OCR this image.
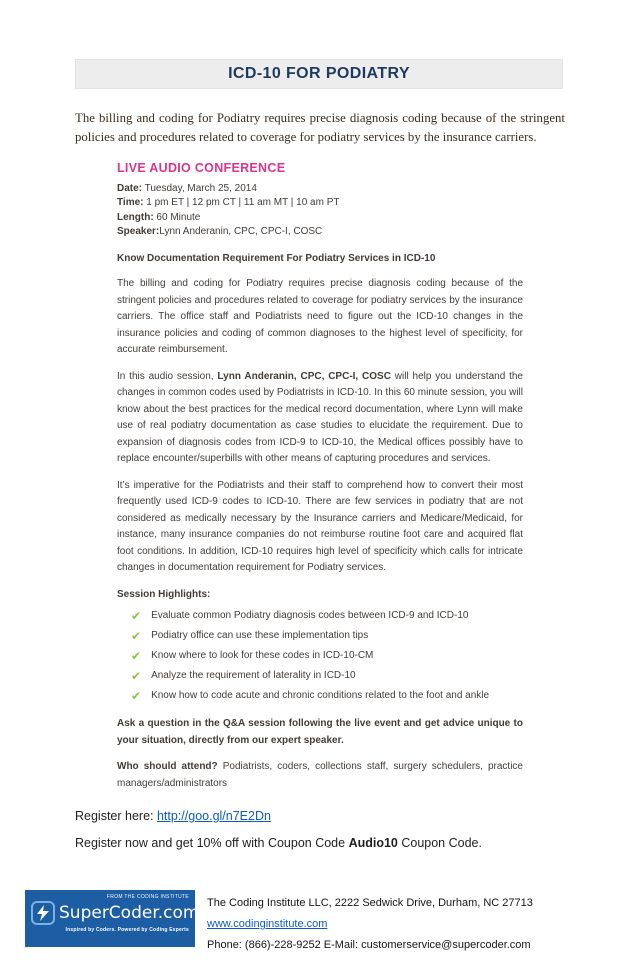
ICD-10 FOR PODIATRY

The billing and coding for Podiatry requires precise diagnosis coding because of the stringent policies and procedures related to coverage for podiatry services by the insurance carriers.

LIVE AUDIO CONFERENCE
Date: Tuesday, March 25, 2014
Time: 1 pm ET | 12 pm CT | 11 am MT | 10 am PT
Length: 60 Minute
Speaker:Lynn Anderanin, CPC, CPC-I, COSC
Know Documentation Requirement For Podiatry Services in ICD-10

The billing and coding for Podiatry requires precise diagnosis coding because of the stringent policies and procedures related to coverage for podiatry services by the insurance carriers. The office staff and Podiatrists need to figure out the ICD-10 changes in the insurance policies and coding of common diagnoses to the highest level of specificity, for accurate reimbursement.

In this audio session, Lynn Anderanin, CPC, CPC-I, COSC will help you understand the changes in common codes used by Podiatrists in ICD-10. In this 60 minute session, you will know about the best practices for the medical record documentation, where Lynn will make use of real podiatry documentation as case studies to elucidate the requirement. Due to expansion of diagnosis codes from ICD-9 to ICD-10, the Medical offices possibly have to replace encounter/superbills with other means of capturing procedures and services.

It’s imperative for the Podiatrists and their staff to comprehend how to convert their most frequently used ICD-9 codes to ICD-10. There are few services in podiatry that are not considered as medically necessary by the Insurance carriers and Medicare/Medicaid, for instance, many insurance companies do not reimburse routine foot care and acquired flat foot conditions. In addition, ICD-10 requires high level of specificity which calls for intricate changes in documentation requirement for Podiatry services.

Session Highlights:
✔ Evaluate common Podiatry diagnosis codes between ICD-9 and ICD-10
✔ Podiatry office can use these implementation tips
✔ Know where to look for these codes in ICD-10-CM
✔ Analyze the requirement of laterality in ICD-10
✔ Know how to code acute and chronic conditions related to the foot and ankle

Ask a question in the Q&A session following the live event and get advice unique to your situation, directly from our expert speaker.

Who should attend? Podiatrists, coders, collections staff, surgery schedulers, practice managers/administrators

Register here: http://goo.gl/n7E2Dn
Register now and get 10% off with Coupon Code Audio10 Coupon Code.
FROM THE CODING INSTITUTE
SuperCoder.com™
Inspired by Coders. Powered by Coding Experts
The Coding Institute LLC, 2222 Sedwick Drive, Durham, NC 27713 www.codinginstitute.com
Phone: (866)-228-9252 E-Mail: customerservice@supercoder.com
